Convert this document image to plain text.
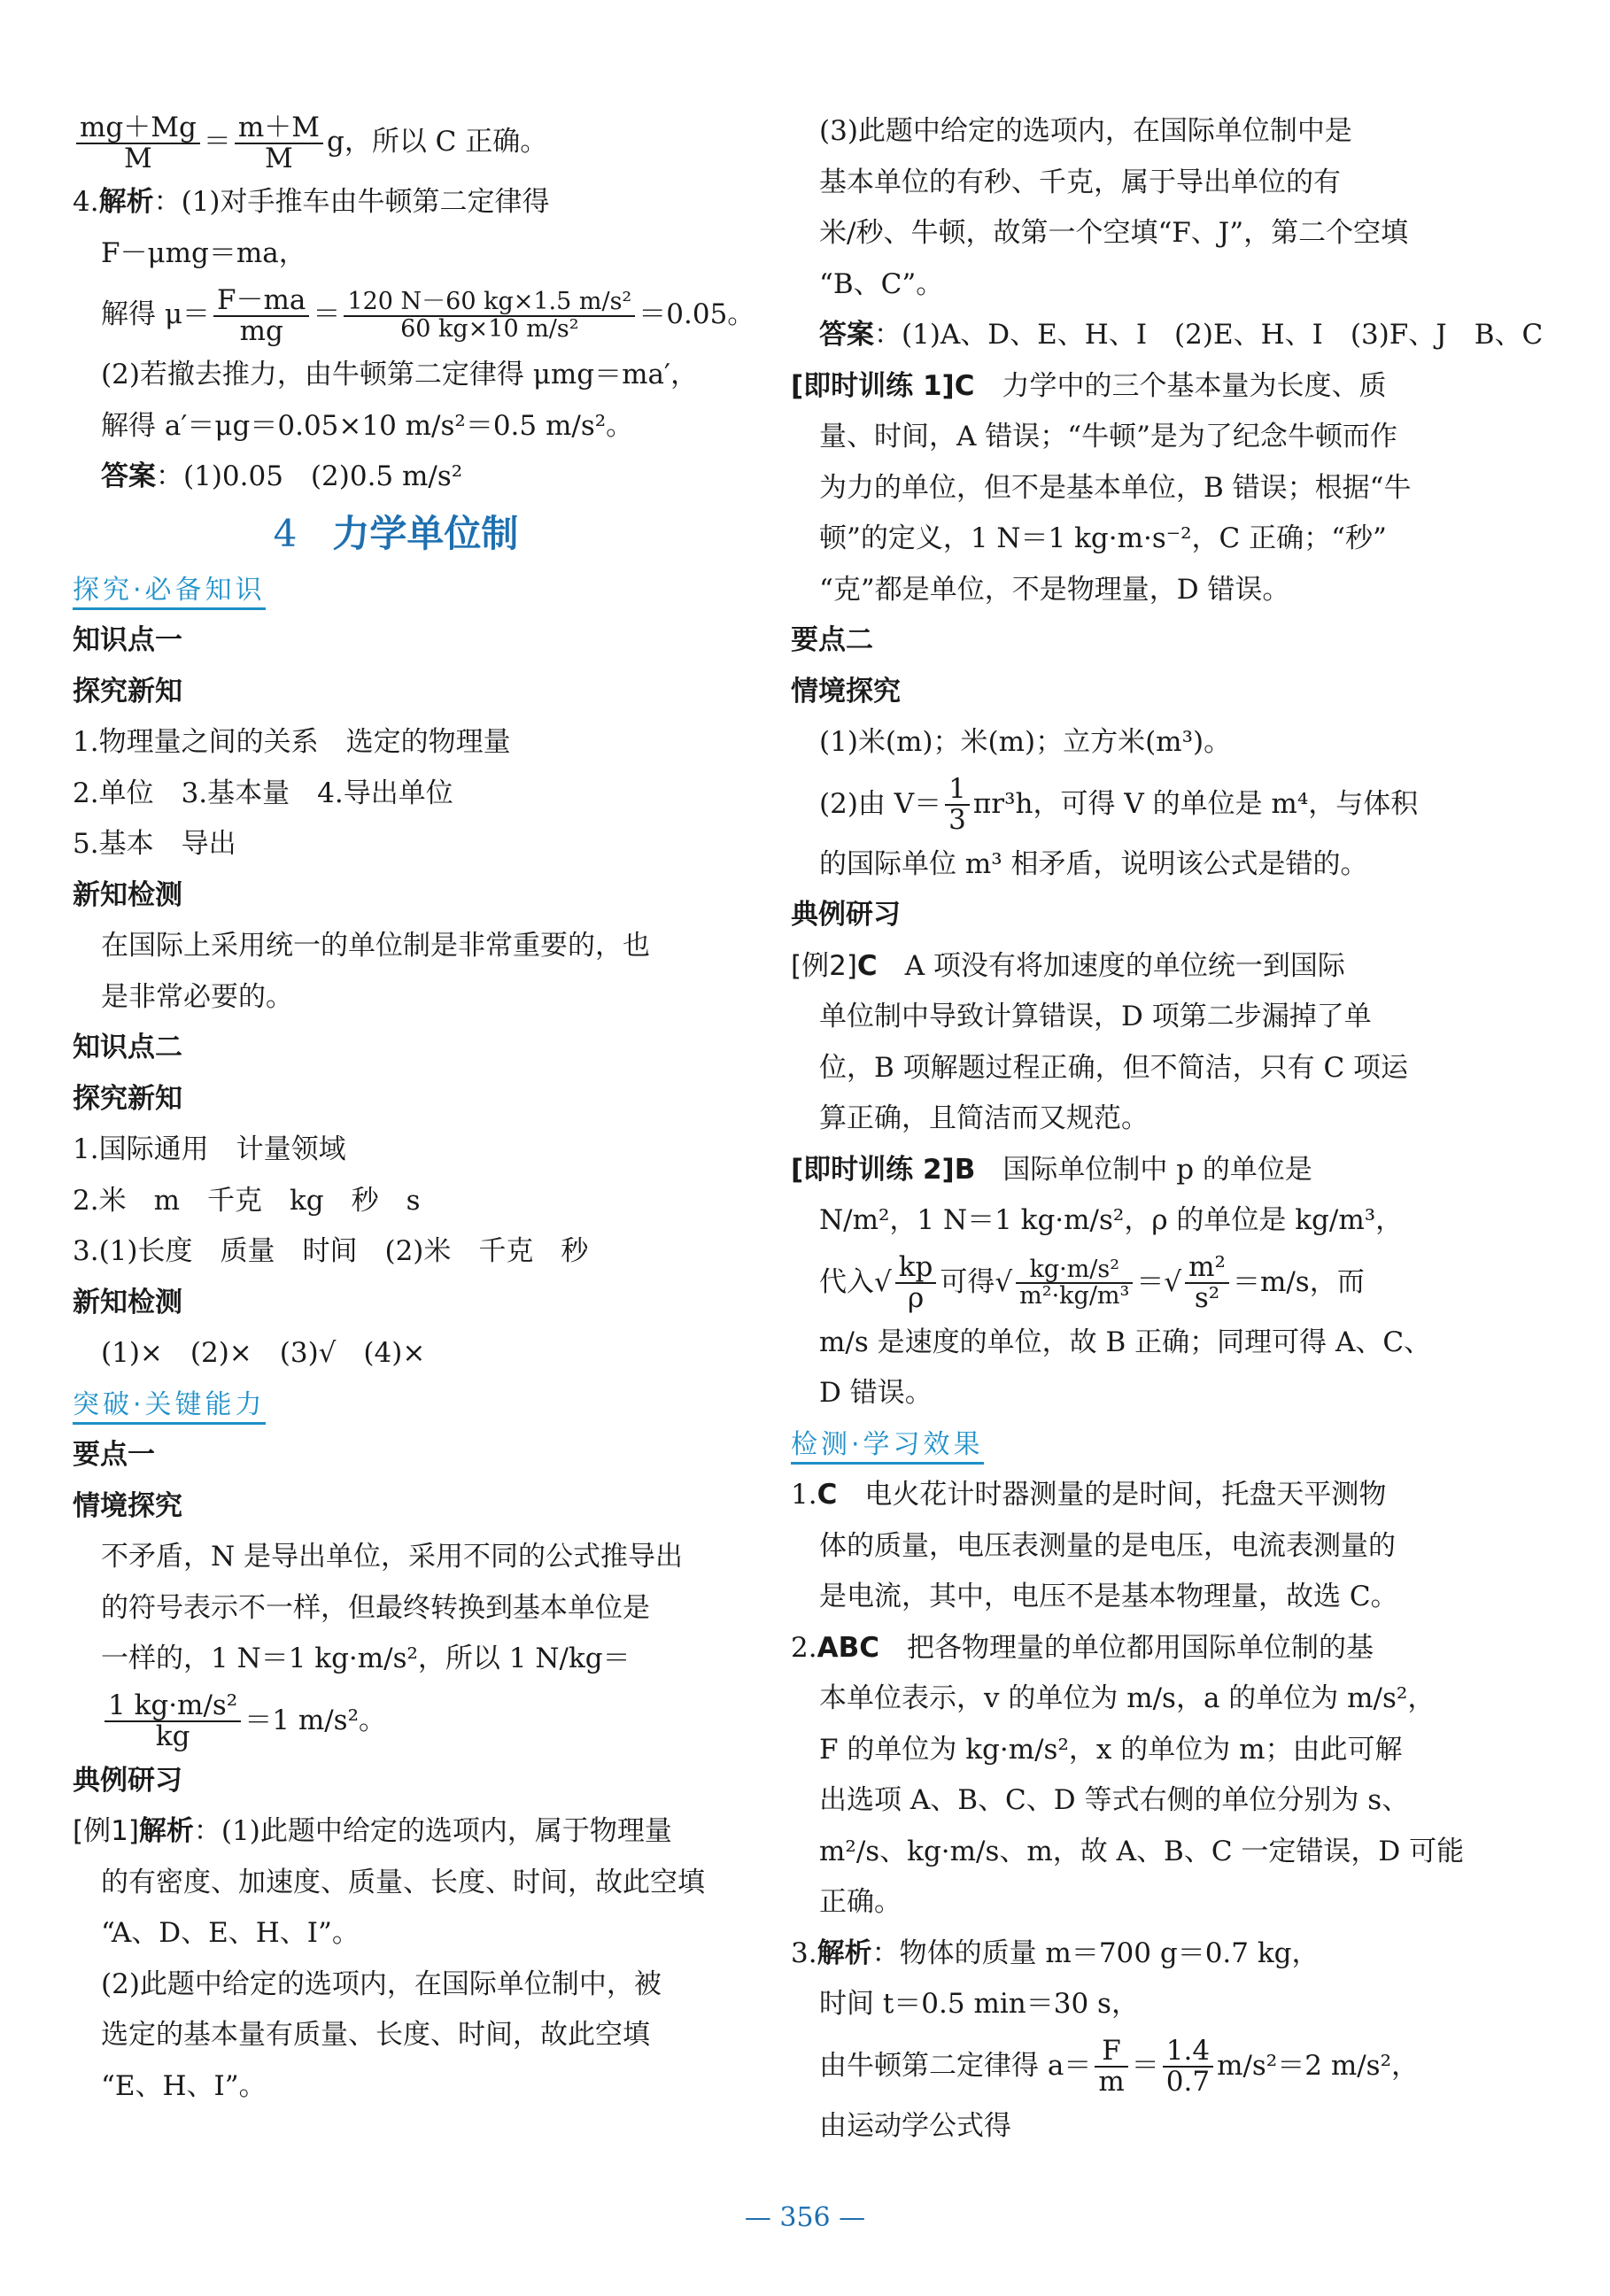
$\frac{mg+Mg}{M} = \frac{m+M}{M}$ g，所以 C 正确。
4.解析：(1)对手推车由牛顿第二定律得
F－μmg＝ma，
解得 $\mu= \frac{F-ma}{mg} = \frac{\text{120 N－60 kg×1.5 m/s²}}{\text{60 kg×10 m/s²}} =0.05$。
(2)若撤去推力，由牛顿第二定律得 μmg＝ma′，
解得 a′＝μg＝0.05×10 m/s²＝0.5 m/s²。
答案：(1)0.05　(2)0.5 m/s²
4 力学单位制
探究·必备知识
知识点一
探究新知
1.物理量之间的关系　选定的物理量
2.单位　3.基本量　4.导出单位
5.基本　导出
新知检测
在国际上采用统一的单位制是非常重要的，也
是非常必要的。
知识点二
探究新知
1.国际通用　计量领域
2.米　m　千克　kg　秒　s
3.(1)长度　质量　时间　(2)米　千克　秒
新知检测
(1)×　(2)×　(3)√　(4)×
突破·关键能力
要点一
情境探究
不矛盾，N 是导出单位，采用不同的公式推导出
的符号表示不一样，但最终转换到基本单位是
一样的，1 N＝1 kg·m/s²，所以 1 N/kg＝
$\frac{\text{1 kg·m/s²}}{kg} =1$ m/s²。
典例研习
[例1]解析：(1)此题中给定的选项内，属于物理量
的有密度、加速度、质量、长度、时间，故此空填
“A、D、E、H、I”。
(2)此题中给定的选项内，在国际单位制中，被
选定的基本量有质量、长度、时间，故此空填
“E、H、I”。
(3)此题中给定的选项内，在国际单位制中是
基本单位的有秒、千克，属于导出单位的有
米/秒、牛顿，故第一个空填“F、J”，第二个空填
“B、C”。
答案：(1)A、D、E、H、I　(2)E、H、I　(3)F、J　B、C
[即时训练 1]C　 力学中的三个基本量为长度、质
量、时间，A 错误；“牛顿”是为了纪念牛顿而作
为力的单位，但不是基本单位，B 错误；根据“牛
顿”的定义，1 N＝1 kg·m·s⁻²，C 正确；“秒”
“克”都是单位，不是物理量，D 错误。
要点二
情境探究
(1)米(m)；米(m)；立方米(m³)。
(2)由 $V= \frac{1}{3} \pi r^3h$，可得 V 的单位是 m⁴，与体积
的国际单位 m³ 相矛盾，说明该公式是错的。
典例研习
[例2]C　 A 项没有将加速度的单位统一到国际
单位制中导致计算错误，D 项第二步漏掉了单
位，B 项解题过程正确，但不简洁，只有 C 项运
算正确，且简洁而又规范。
[即时训练 2]B　 国际单位制中 p 的单位是
N/m²，1 N＝1 kg·m/s²，ρ 的单位是 kg/m³，
代入√ $\frac{kp}{\rho}$ 可得√ $\frac{\text{kg·m/s²}}{\text{m²·kg/m³}}$ ＝√ $\frac{\text{m²}}{\text{s²}} =m/s$，而
m/s 是速度的单位，故 B 正确；同理可得 A、C、
D 错误。
检测·学习效果
1.C　 电火花计时器测量的是时间，托盘天平测物
体的质量，电压表测量的是电压，电流表测量的
是电流，其中，电压不是基本物理量，故选 C。
2.ABC　 把各物理量的单位都用国际单位制的基
本单位表示，v 的单位为 m/s，a 的单位为 m/s²，
F 的单位为 kg·m/s²，x 的单位为 m；由此可解
出选项 A、B、C、D 等式右侧的单位分别为 s、
m²/s、kg·m/s、m，故 A、B、C 一定错误，D 可能
正确。
3.解析：物体的质量 m＝700 g＝0.7 kg，
时间 t＝0.5 min＝30 s，
由牛顿第二定律得 $a= \frac{F}{m} = \frac{1.4}{0.7} m/s^2=2$ m/s²，
由运动学公式得
— 356 —
